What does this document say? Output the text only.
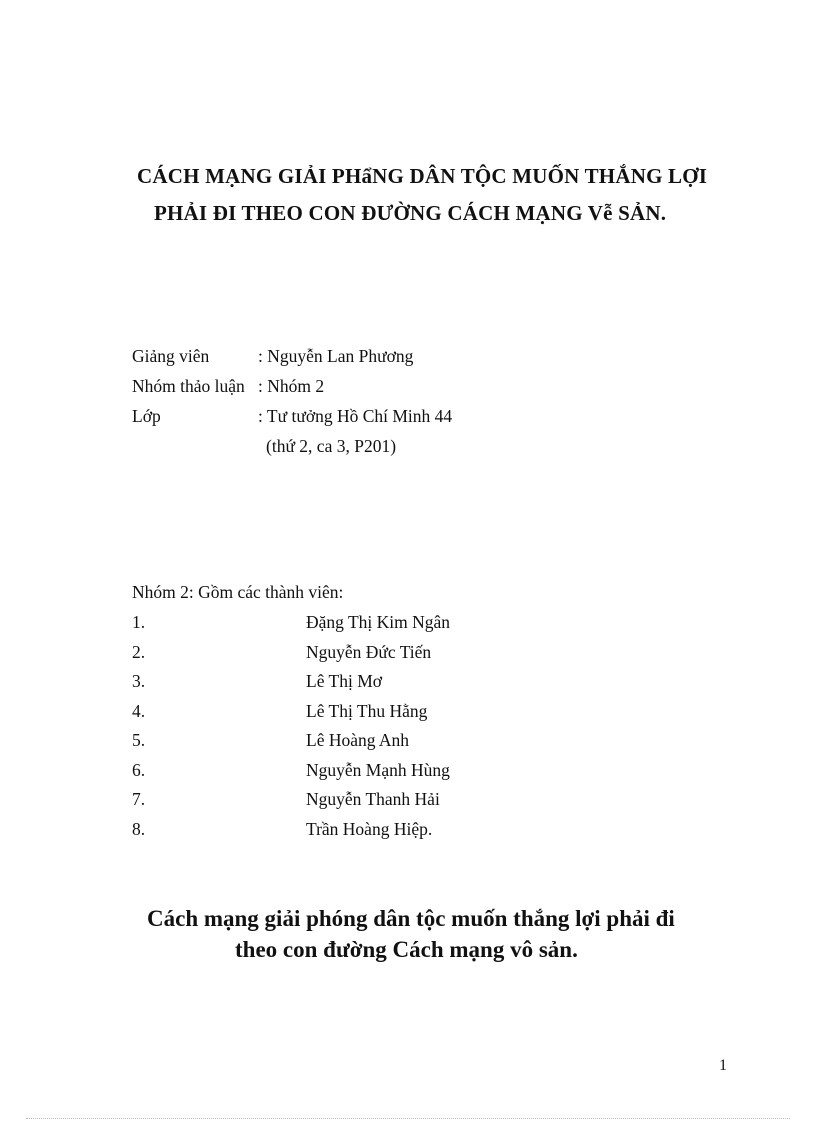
CÁCH MẠNG GIẢI PHẩNG DÂN TỘC MUỐN THẮNG LỢI
PHẢI ĐI THEO CON ĐƯỜNG CÁCH MẠNG Vễ SẢN.
Giảng viên	: Nguyễn Lan Phương
Nhóm thảo luận : Nhóm 2
Lớp	: Tư tưởng Hồ Chí Minh 44
(thứ 2, ca 3, P201)
Nhóm 2: Gồm các thành viên:
1.	Đặng Thị Kim Ngân
2.	Nguyễn Đức Tiến
3.	Lê Thị Mơ
4.	Lê Thị Thu Hằng
5.	Lê Hoàng Anh
6.	Nguyễn Mạnh Hùng
7.	Nguyễn Thanh Hải
8.	Trần Hoàng Hiệp.
Cách mạng giải phóng dân tộc muốn thắng lợi phải đi
theo con đường Cách mạng vô sản.
1
